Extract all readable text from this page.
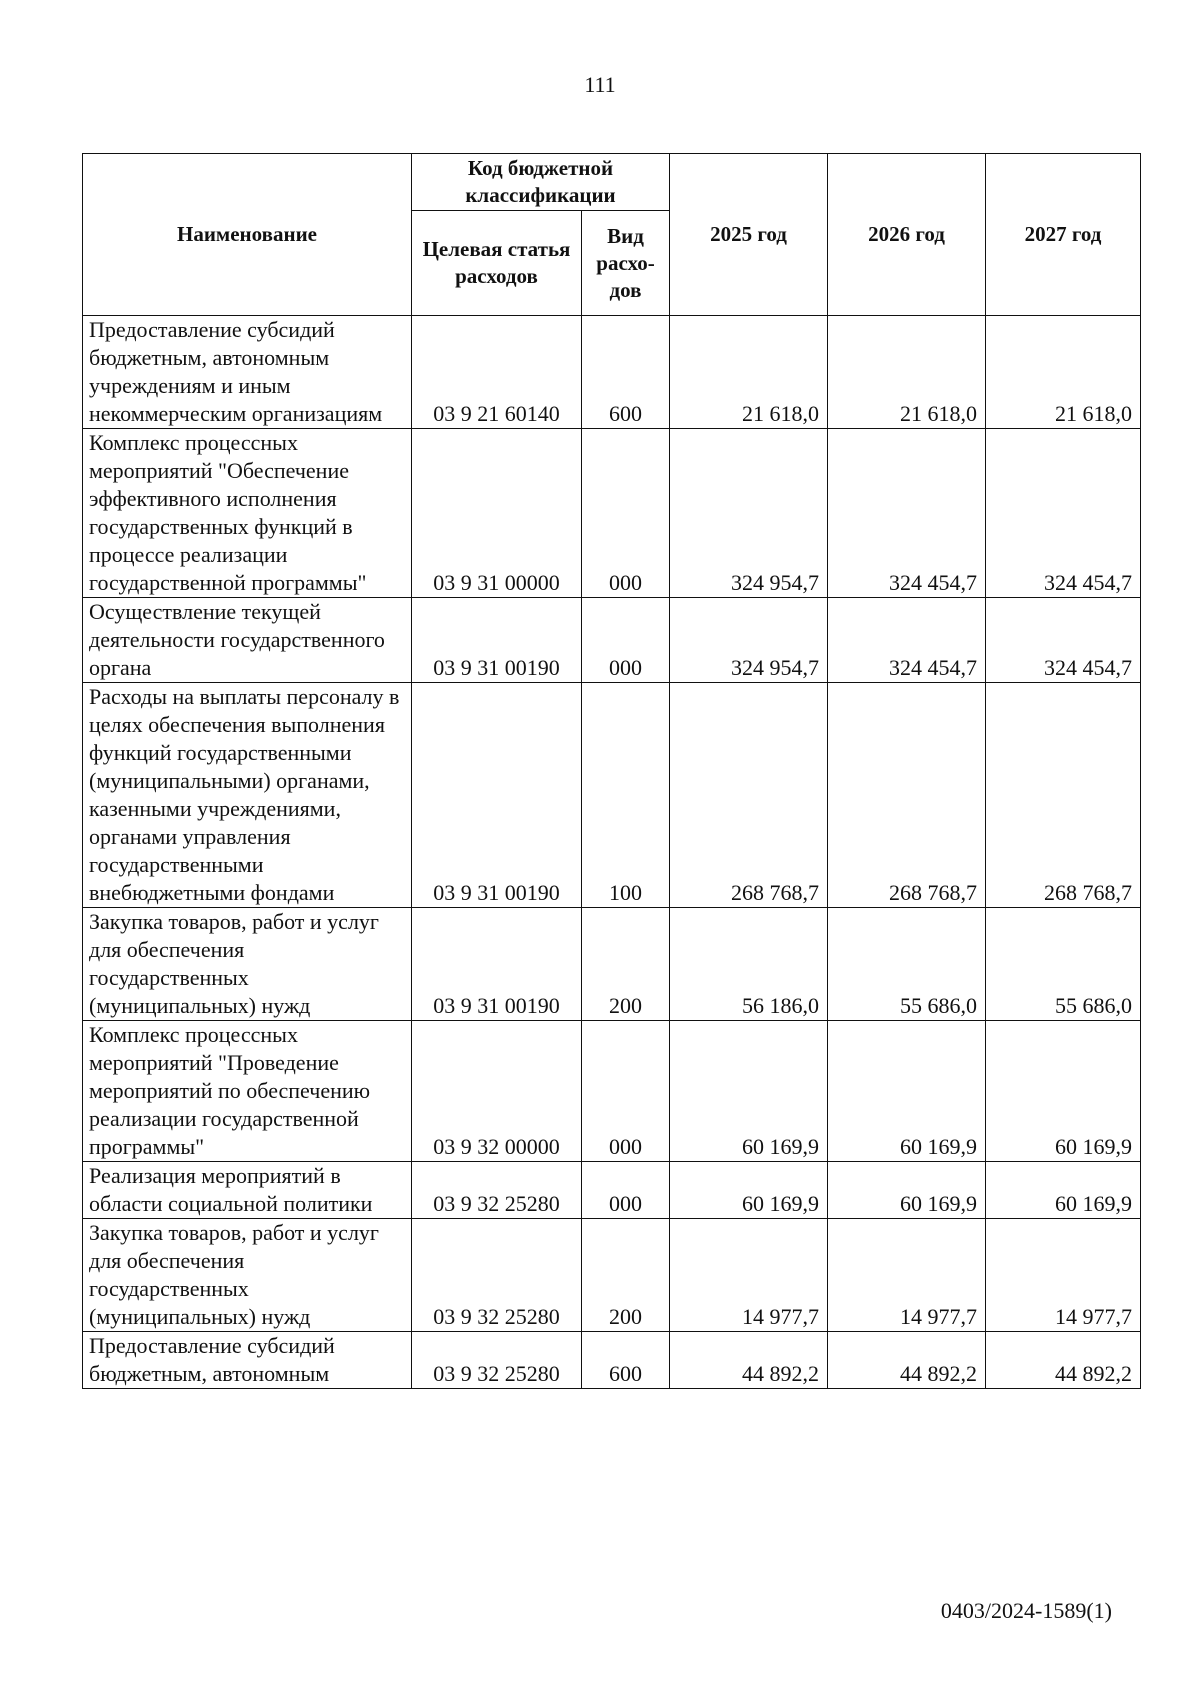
111
Наименование	Код бюджетной классификации		2025 год	2026 год	2027 год
	Целевая статья расходов	Вид расхо-дов			
Предоставление субсидий бюджетным, автономным учреждениям и иным некоммерческим организациям	03 9 21 60140	600	21 618,0	21 618,0	21 618,0
Комплекс процессных мероприятий "Обеспечение эффективного исполнения государственных функций в процессе реализации государственной программы"	03 9 31 00000	000	324 954,7	324 454,7	324 454,7
Осуществление текущей деятельности государственного органа	03 9 31 00190	000	324 954,7	324 454,7	324 454,7
Расходы на выплаты персоналу в целях обеспечения выполнения функций государственными (муниципальными) органами, казенными учреждениями, органами управления государственными внебюджетными фондами	03 9 31 00190	100	268 768,7	268 768,7	268 768,7
Закупка товаров, работ и услуг для обеспечения государственных (муниципальных) нужд	03 9 31 00190	200	56 186,0	55 686,0	55 686,0
Комплекс процессных мероприятий "Проведение мероприятий по обеспечению реализации государственной программы"	03 9 32 00000	000	60 169,9	60 169,9	60 169,9
Реализация мероприятий в области социальной политики	03 9 32 25280	000	60 169,9	60 169,9	60 169,9
Закупка товаров, работ и услуг для обеспечения государственных (муниципальных) нужд	03 9 32 25280	200	14 977,7	14 977,7	14 977,7
Предоставление субсидий бюджетным, автономным	03 9 32 25280	600	44 892,2	44 892,2	44 892,2
0403/2024-1589(1)
